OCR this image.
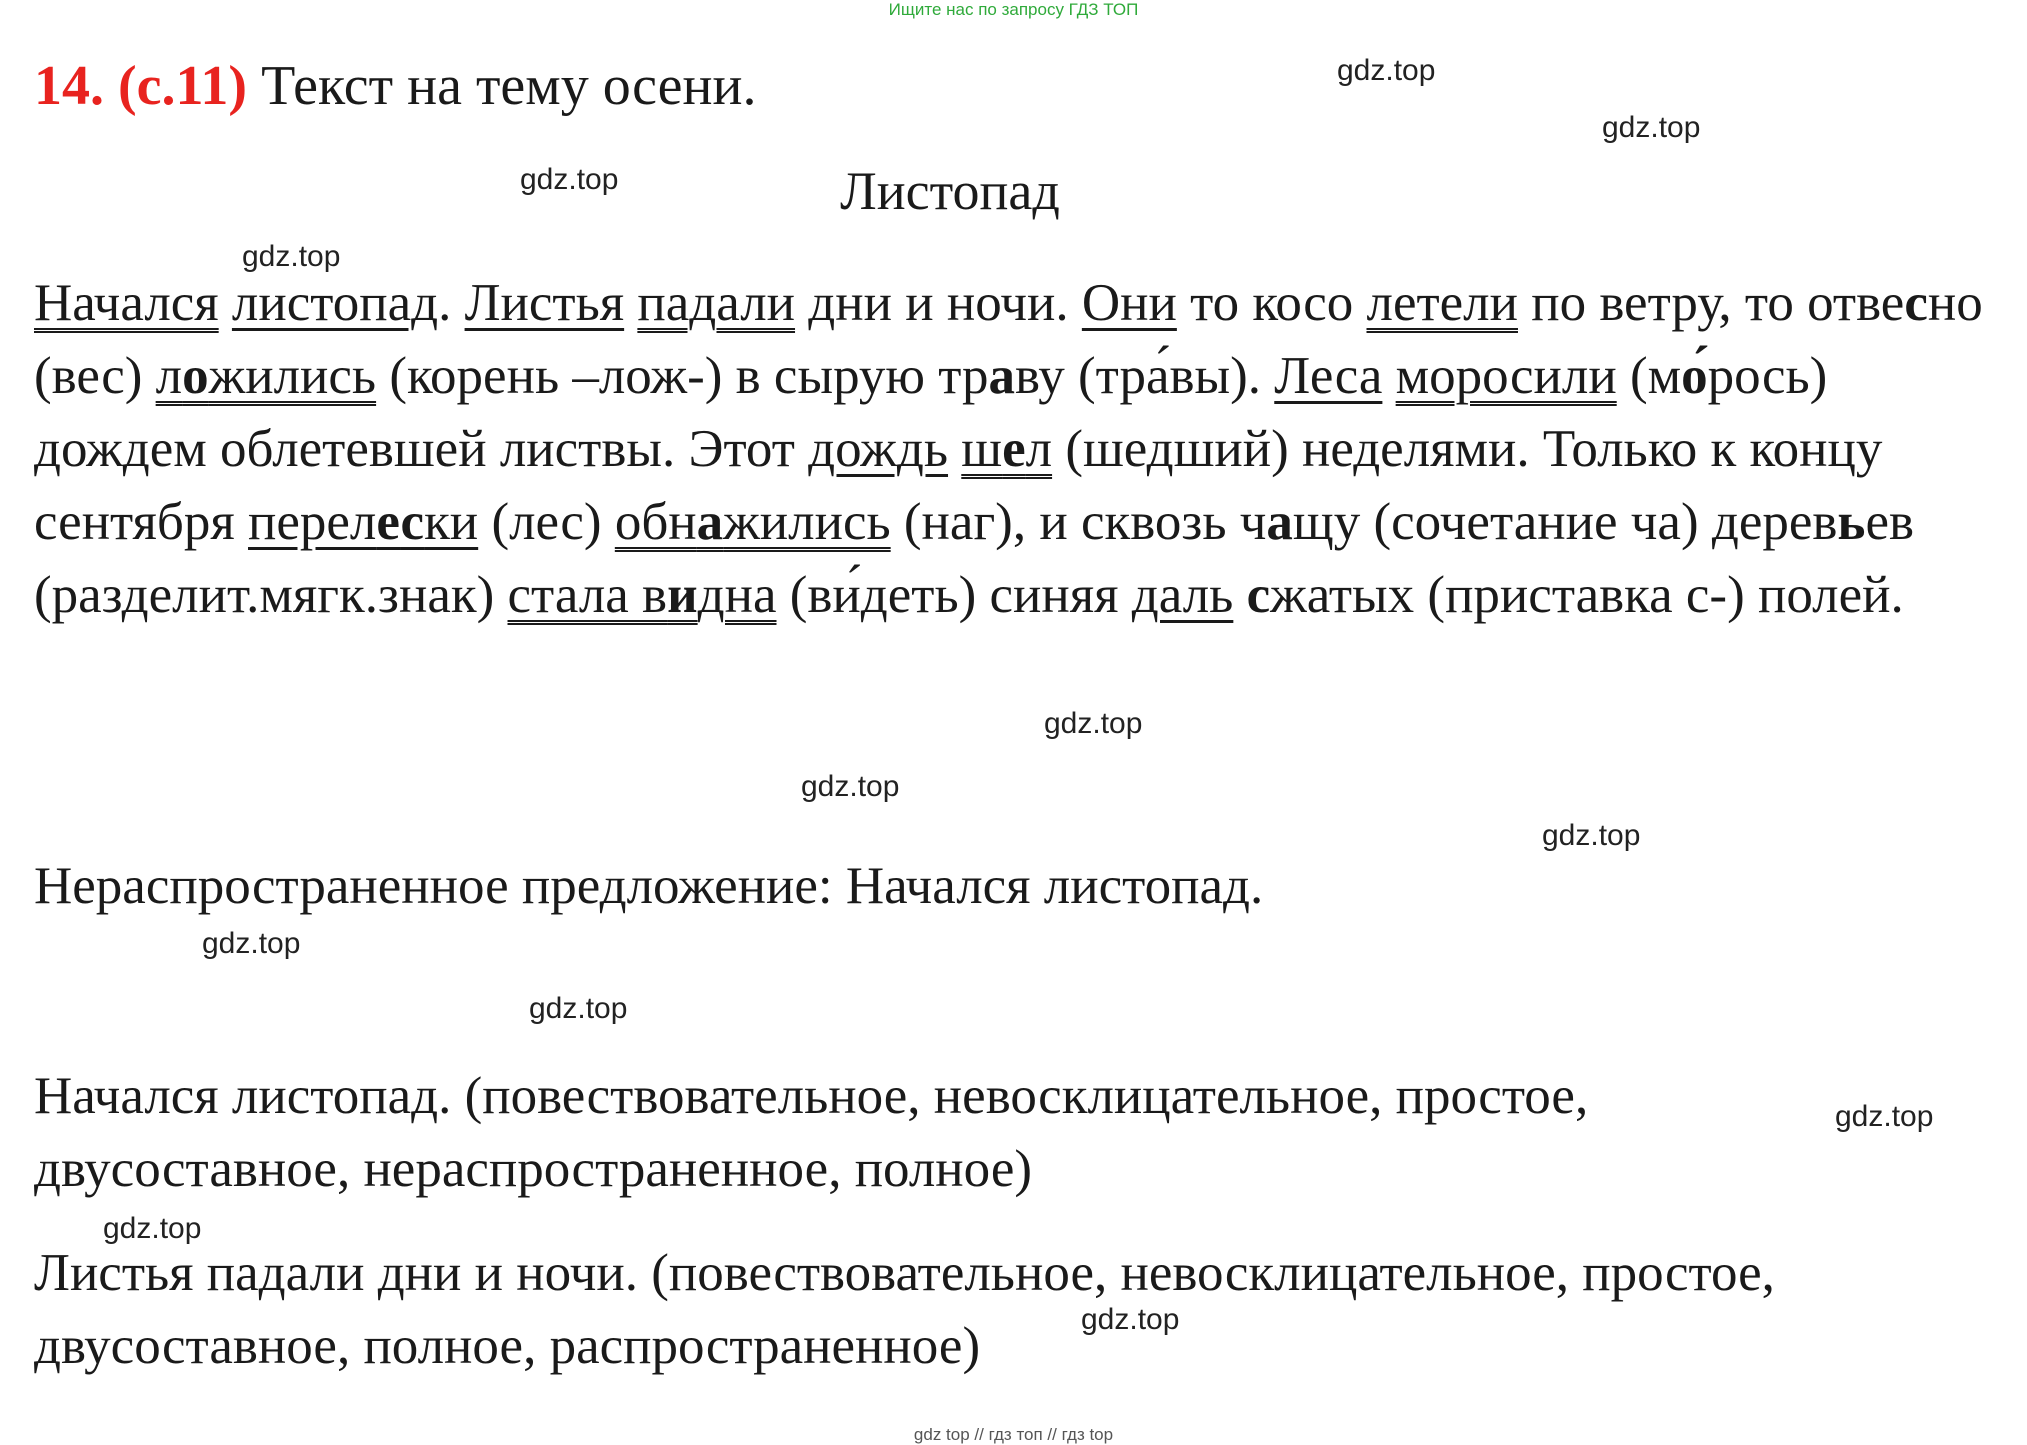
Ищите нас по запросу ГДЗ ТОП
14. (с.11) Текст на тему осени.
Листопад
Начался листопад. Листья падали дни и ночи. Они то косо летели по ветру, то отвесно (вес) ложились (корень –лож-) в сырую траву (тра́вы). Леса моросили (мо́рось) дождем облетевшей листвы. Этот дождь шел (шедший) неделями. Только к концу сентября перелески (лес) обнажились (наг), и сквозь чащу (сочетание ча) деревьев (разделит.мягк.знак) стала видна (ви́деть) синяя даль сжатых (приставка с-) полей.
Нераспространенное предложение: Начался листопад.
Начался листопад. (повествовательное, невосклицательное, простое, двусоставное, нераспространенное, полное)
Листья падали дни и ночи. (повествовательное, невосклицательное, простое, двусоставное, полное, распространенное)
gdz.top
gdz.top
gdz.top
gdz.top
gdz.top
gdz.top
gdz.top
gdz.top
gdz.top
gdz.top
gdz.top
gdz.top
gdz top // гдз топ // гдз top
